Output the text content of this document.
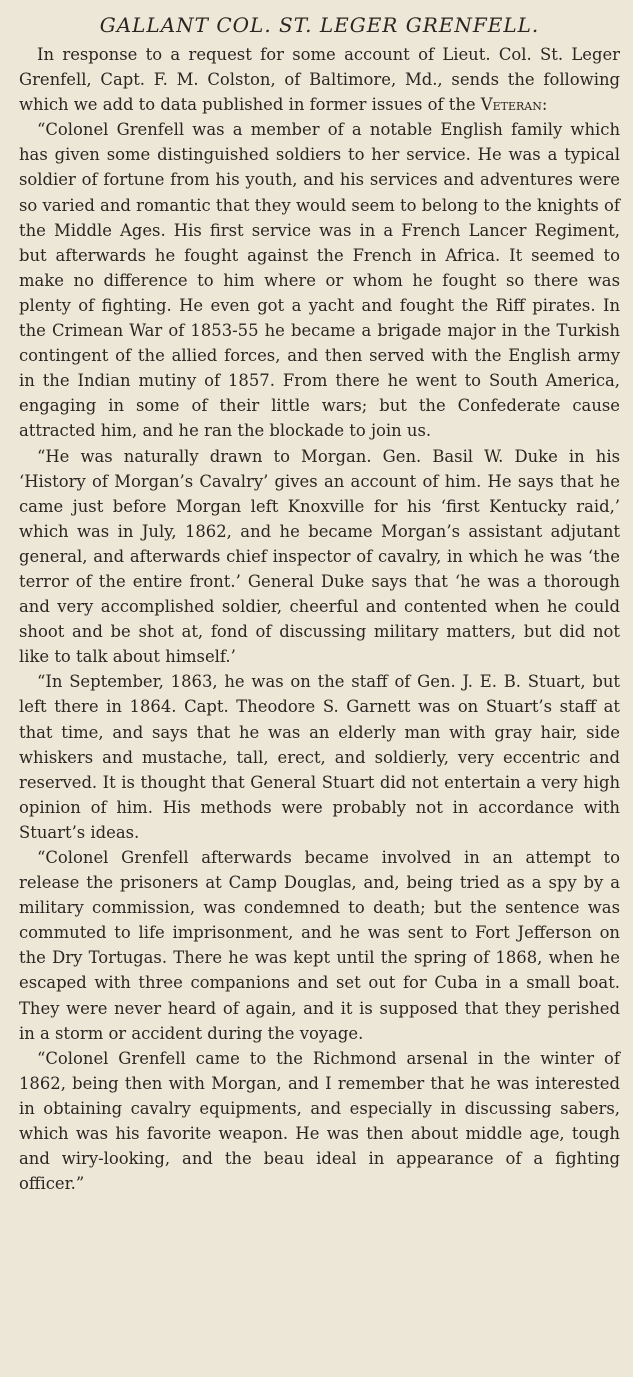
GALLANT COL. ST. LEGER GRENFELL.

In response to a request for some account of Lieut. Col. St. Leger Grenfell, Capt. F. M. Colston, of Baltimore, Md., sends the following which we add to data published in former issues of the Veteran:

“Colonel Grenfell was a member of a notable English family which has given some distinguished soldiers to her service. He was a typical soldier of fortune from his youth, and his services and adventures were so varied and romantic that they would seem to belong to the knights of the Middle Ages. His first service was in a French Lancer Regiment, but afterwards he fought against the French in Africa. It seemed to make no difference to him where or whom he fought so there was plenty of fighting. He even got a yacht and fought the Riff pirates. In the Crimean War of 1853-55 he became a brigade major in the Turkish contingent of the allied forces, and then served with the English army in the Indian mutiny of 1857. From there he went to South America, engaging in some of their little wars; but the Confederate cause attracted him, and he ran the blockade to join us.

“He was naturally drawn to Morgan. Gen. Basil W. Duke in his ‘History of Morgan’s Cavalry’ gives an account of him. He says that he came just before Morgan left Knoxville for his ‘first Kentucky raid,’ which was in July, 1862, and he became Morgan’s assistant adjutant general, and afterwards chief inspector of cavalry, in which he was ‘the terror of the entire front.’ General Duke says that ‘he was a thorough and very accomplished soldier, cheerful and contented when he could shoot and be shot at, fond of discussing military matters, but did not like to talk about himself.’

“In September, 1863, he was on the staff of Gen. J. E. B. Stuart, but left there in 1864. Capt. Theodore S. Garnett was on Stuart’s staff at that time, and says that he was an elderly man with gray hair, side whiskers and mustache, tall, erect, and soldierly, very eccentric and reserved. It is thought that General Stuart did not entertain a very high opinion of him. His methods were probably not in accordance with Stuart’s ideas.

“Colonel Grenfell afterwards became involved in an attempt to release the prisoners at Camp Douglas, and, being tried as a spy by a military commission, was condemned to death; but the sentence was commuted to life imprisonment, and he was sent to Fort Jefferson on the Dry Tortugas. There he was kept until the spring of 1868, when he escaped with three companions and set out for Cuba in a small boat. They were never heard of again, and it is supposed that they perished in a storm or accident during the voyage.

“Colonel Grenfell came to the Richmond arsenal in the winter of 1862, being then with Morgan, and I remember that he was interested in obtaining cavalry equipments, and especially in discussing sabers, which was his favorite weapon. He was then about middle age, tough and wiry-looking, and the beau ideal in appearance of a fighting officer.”
